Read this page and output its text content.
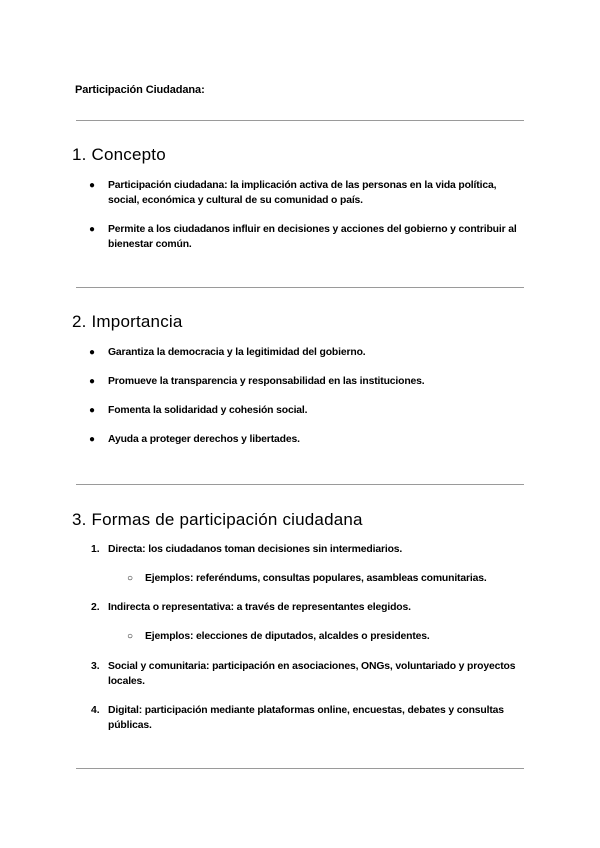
Participación Ciudadana:
1. Concepto
● Participación ciudadana: la implicación activa de las personas en la vida política, social, económica y cultural de su comunidad o país.
● Permite a los ciudadanos influir en decisiones y acciones del gobierno y contribuir al bienestar común.
2. Importancia
● Garantiza la democracia y la legitimidad del gobierno.
● Promueve la transparencia y responsabilidad en las instituciones.
● Fomenta la solidaridad y cohesión social.
● Ayuda a proteger derechos y libertades.
3. Formas de participación ciudadana
1. Directa: los ciudadanos toman decisiones sin intermediarios.
○ Ejemplos: referéndums, consultas populares, asambleas comunitarias.
2. Indirecta o representativa: a través de representantes elegidos.
○ Ejemplos: elecciones de diputados, alcaldes o presidentes.
3. Social y comunitaria: participación en asociaciones, ONGs, voluntariado y proyectos locales.
4. Digital: participación mediante plataformas online, encuestas, debates y consultas públicas.
